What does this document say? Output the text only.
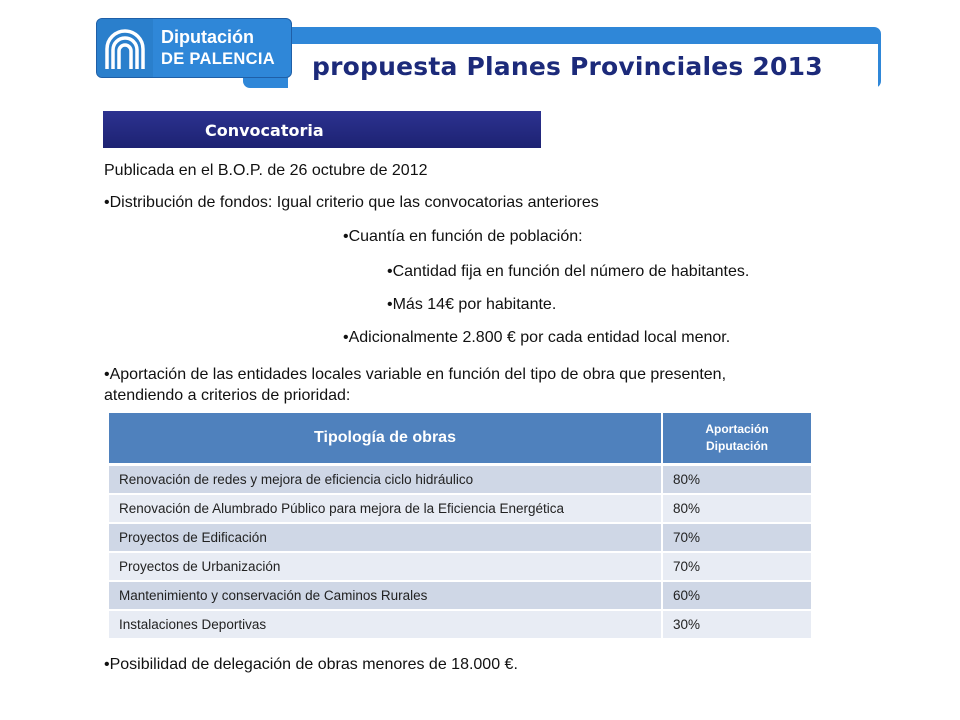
propuesta Planes Provinciales 2013
Diputación
DE PALENCIA
Convocatoria
Publicada en el B.O.P. de 26 octubre de 2012
•Distribución de fondos: Igual criterio que las convocatorias anteriores
•Cuantía en función de población:
•Cantidad fija en función del número de habitantes.
•Más 14€ por habitante.
•Adicionalmente 2.800 € por cada entidad local menor.
•Aportación de las entidades locales variable en función del tipo de obra que presenten,
atendiendo a criterios de prioridad:
Tipología de obras	Aportación
Diputación
Renovación de redes y mejora de eficiencia ciclo hidráulico	80%
Renovación de Alumbrado Público para mejora de la Eficiencia Energética	80%
Proyectos de Edificación	70%
Proyectos de Urbanización	70%
Mantenimiento y conservación de Caminos Rurales	60%
Instalaciones Deportivas	30%
•Posibilidad de delegación de obras menores de 18.000 €.
